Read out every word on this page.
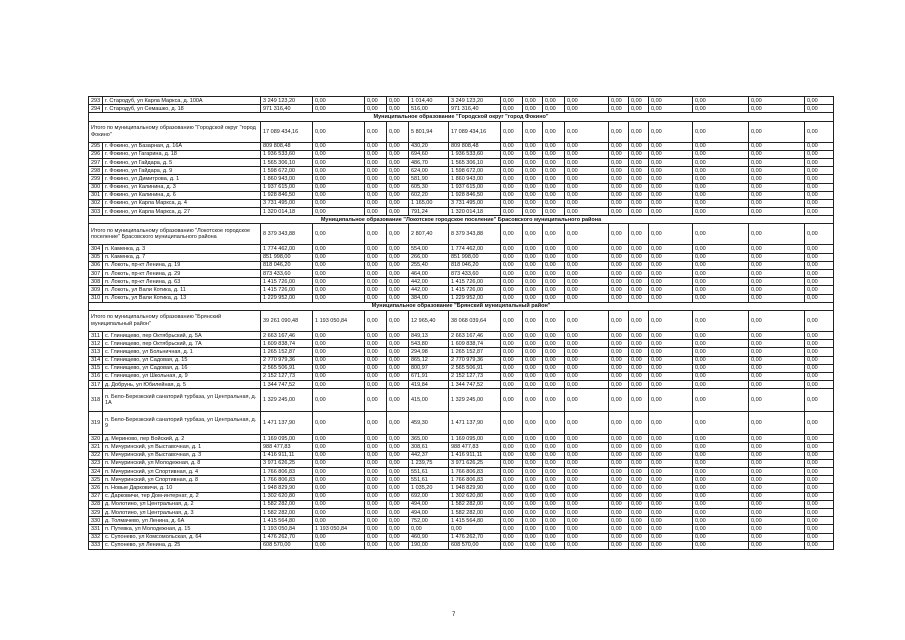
293	г. Стародуб, ул Карла Маркса, д. 100А	3 249 123,20	0,00	0,00	0,00	1 014,40	3 249 123,20	0,00	0,00	0,00	0,00	0,00	0,00	0,00	0,00	0,00	0,00
294	г. Стародуб, ул Семашко, д. 18	971 316,40	0,00	0,00	0,00	516,00	971 316,40	0,00	0,00	0,00	0,00	0,00	0,00	0,00	0,00	0,00	0,00
Муниципальное образование "Городской округ "город Фокино"																	
Итого по муниципальному образованию "Городской округ "город Фокино"		17 089 434,16	0,00	0,00	0,00	5 801,94	17 089 434,16	0,00	0,00	0,00	0,00	0,00	0,00	0,00	0,00	0,00	0,00
295	г. Фокино, ул Базарная, д. 16А	809 808,48	0,00	0,00	0,00	430,20	809 808,48	0,00	0,00	0,00	0,00	0,00	0,00	0,00	0,00	0,00	0,00
296	г. Фокино, ул Гагарина, д. 18	1 936 533,60	0,00	0,00	0,00	694,60	1 936 533,60	0,00	0,00	0,00	0,00	0,00	0,00	0,00	0,00	0,00	0,00
297	г. Фокино, ул Гайдара, д. 5	1 565 306,10	0,00	0,00	0,00	486,70	1 565 306,10	0,00	0,00	0,00	0,00	0,00	0,00	0,00	0,00	0,00	0,00
298	г. Фокино, ул Гайдара, д. 9	1 598 672,00	0,00	0,00	0,00	624,00	1 598 672,00	0,00	0,00	0,00	0,00	0,00	0,00	0,00	0,00	0,00	0,00
299	г. Фокино, ул Димитрова, д. 1	1 860 943,00	0,00	0,00	0,00	581,90	1 860 943,00	0,00	0,00	0,00	0,00	0,00	0,00	0,00	0,00	0,00	0,00
300	г. Фокино, ул Калинина, д. 3	1 937 615,00	0,00	0,00	0,00	605,30	1 937 615,00	0,00	0,00	0,00	0,00	0,00	0,00	0,00	0,00	0,00	0,00
301	г. Фокино, ул Калинина, д. 6	1 928 846,50	0,00	0,00	0,00	602,20	1 928 846,50	0,00	0,00	0,00	0,00	0,00	0,00	0,00	0,00	0,00	0,00
302	г. Фокино, ул Карла Маркса, д. 4	3 731 495,00	0,00	0,00	0,00	1 165,00	3 731 495,00	0,00	0,00	0,00	0,00	0,00	0,00	0,00	0,00	0,00	0,00
303	г. Фокино, ул Карла Маркса, д. 27	1 320 014,18	0,00	0,00	0,00	791,24	1 320 014,18	0,00	0,00	0,00	0,00	0,00	0,00	0,00	0,00	0,00	0,00
Муниципальное образование "Локотское городское поселение" Брасовского муниципального района																	
Итого по муниципальному образованию "Локотское городское поселение" Брасовского муниципального района		8 379 343,88	0,00	0,00	0,00	2 807,40	8 379 343,88	0,00	0,00	0,00	0,00	0,00	0,00	0,00	0,00	0,00	0,00
304	п. Каменка, д. 3	1 774 462,00	0,00	0,00	0,00	554,00	1 774 462,00	0,00	0,00	0,00	0,00	0,00	0,00	0,00	0,00	0,00	0,00
305	п. Каменка, д. 7	851 998,00	0,00	0,00	0,00	266,00	851 998,00	0,00	0,00	0,00	0,00	0,00	0,00	0,00	0,00	0,00	0,00
306	п. Локоть, пр-кт Ленина, д. 19	818 046,20	0,00	0,00	0,00	255,40	818 046,20	0,00	0,00	0,00	0,00	0,00	0,00	0,00	0,00	0,00	0,00
307	п. Локоть, пр-кт Ленина, д. 29	873 433,60	0,00	0,00	0,00	464,00	873 433,60	0,00	0,00	0,00	0,00	0,00	0,00	0,00	0,00	0,00	0,00
308	п. Локоть, пр-кт Ленина, д. 63	1 415 726,00	0,00	0,00	0,00	442,00	1 415 726,00	0,00	0,00	0,00	0,00	0,00	0,00	0,00	0,00	0,00	0,00
309	п. Локоть, ул Вали Котика, д. 11	1 415 726,00	0,00	0,00	0,00	442,00	1 415 726,00	0,00	0,00	0,00	0,00	0,00	0,00	0,00	0,00	0,00	0,00
310	п. Локоть, ул Вали Котика, д. 13	1 229 952,00	0,00	0,00	0,00	384,00	1 229 952,00	0,00	0,00	0,00	0,00	0,00	0,00	0,00	0,00	0,00	0,00
Муниципальное образование "Брянский муниципальный район"																	
Итого по муниципальному образованию "Брянский муниципальный район"		39 261 090,48	1 193 050,84	0,00	0,00	12 965,40	38 068 039,64	0,00	0,00	0,00	0,00	0,00	0,00	0,00	0,00	0,00	0,00
311	с. Глинищево, пер Октябрьский, д. 5А	2 663 167,46	0,00	0,00	0,00	849,13	2 663 167,46	0,00	0,00	0,00	0,00	0,00	0,00	0,00	0,00	0,00	0,00
312	с. Глинищево, пер Октябрьский, д. 7А	1 609 838,74	0,00	0,00	0,00	543,80	1 609 838,74	0,00	0,00	0,00	0,00	0,00	0,00	0,00	0,00	0,00	0,00
313	с. Глинищево, ул Больничная, д. 1	1 265 152,87	0,00	0,00	0,00	294,98	1 265 152,87	0,00	0,00	0,00	0,00	0,00	0,00	0,00	0,00	0,00	0,00
314	с. Глинищево, ул Садовая, д. 15	2 770 979,36	0,00	0,00	0,00	865,12	2 770 979,36	0,00	0,00	0,00	0,00	0,00	0,00	0,00	0,00	0,00	0,00
315	с. Глинищево, ул Садовая, д. 16	2 565 506,91	0,00	0,00	0,00	800,97	2 565 506,91	0,00	0,00	0,00	0,00	0,00	0,00	0,00	0,00	0,00	0,00
316	с. Глинищево, ул Школьная, д. 9	2 152 127,73	0,00	0,00	0,00	671,91	2 152 127,73	0,00	0,00	0,00	0,00	0,00	0,00	0,00	0,00	0,00	0,00
317	д. Добрунь, ул Юбилейная, д. 5	1 344 747,52	0,00	0,00	0,00	419,84	1 344 747,52	0,00	0,00	0,00	0,00	0,00	0,00	0,00	0,00	0,00	0,00
318	п. Бело-Березкский санаторий турбаза, ул Центральная, д. 1А	1 329 245,00	0,00	0,00	0,00	415,00	1 329 245,00	0,00	0,00	0,00	0,00	0,00	0,00	0,00	0,00	0,00	0,00
319	п. Бело-Березкский санаторий турбаза, ул Центральная, д. 9	1 471 137,90	0,00	0,00	0,00	459,30	1 471 137,90	0,00	0,00	0,00	0,00	0,00	0,00	0,00	0,00	0,00	0,00
320	д. Мериново, пер Войский, д. 2	1 169 095,00	0,00	0,00	0,00	365,00	1 169 095,00	0,00	0,00	0,00	0,00	0,00	0,00	0,00	0,00	0,00	0,00
321	п. Мичуринский, ул Выставочная, д. 1	988 477,83	0,00	0,00	0,00	308,61	988 477,83	0,00	0,00	0,00	0,00	0,00	0,00	0,00	0,00	0,00	0,00
322	п. Мичуринский, ул Выставочная, д. 3	1 416 911,11	0,00	0,00	0,00	442,37	1 416 911,11	0,00	0,00	0,00	0,00	0,00	0,00	0,00	0,00	0,00	0,00
323	п. Мичуринский, ул Молодежная, д. 8	3 971 626,25	0,00	0,00	0,00	1 239,75	3 971 626,25	0,00	0,00	0,00	0,00	0,00	0,00	0,00	0,00	0,00	0,00
324	п. Мичуринский, ул Спортивная, д. 4	1 766 806,83	0,00	0,00	0,00	551,61	1 766 806,83	0,00	0,00	0,00	0,00	0,00	0,00	0,00	0,00	0,00	0,00
325	п. Мичуринский, ул Спортивная, д. 8	1 766 806,83	0,00	0,00	0,00	551,61	1 766 806,83	0,00	0,00	0,00	0,00	0,00	0,00	0,00	0,00	0,00	0,00
326	п. Новые Дарковичи, д. 10	1 948 829,90	0,00	0,00	0,00	1 035,20	1 948 829,90	0,00	0,00	0,00	0,00	0,00	0,00	0,00	0,00	0,00	0,00
327	с. Дарковичи, тер Дом-интернат, д. 2	1 302 620,80	0,00	0,00	0,00	692,00	1 302 620,80	0,00	0,00	0,00	0,00	0,00	0,00	0,00	0,00	0,00	0,00
328	д. Молотино, ул Центральная, д. 2	1 582 282,00	0,00	0,00	0,00	494,00	1 582 282,00	0,00	0,00	0,00	0,00	0,00	0,00	0,00	0,00	0,00	0,00
329	д. Молотино, ул Центральная, д. 3	1 582 282,00	0,00	0,00	0,00	494,00	1 582 282,00	0,00	0,00	0,00	0,00	0,00	0,00	0,00	0,00	0,00	0,00
330	д. Толмачево, ул Ленина, д. 6А	1 415 564,80	0,00	0,00	0,00	752,00	1 415 564,80	0,00	0,00	0,00	0,00	0,00	0,00	0,00	0,00	0,00	0,00
331	п. Путевка, ул Молодежная, д. 15	1 193 050,84	1 193 050,84	0,00	0,00	0,00	0,00	0,00	0,00	0,00	0,00	0,00	0,00	0,00	0,00	0,00	0,00
332	с. Супонево, ул Комсомольская, д. 64	1 476 262,70	0,00	0,00	0,00	460,90	1 476 262,70	0,00	0,00	0,00	0,00	0,00	0,00	0,00	0,00	0,00	0,00
333	с. Супонево, ул Ленина, д. 25	608 570,00	0,00	0,00	0,00	190,00	608 570,00	0,00	0,00	0,00	0,00	0,00	0,00	0,00	0,00	0,00	0,00
7
